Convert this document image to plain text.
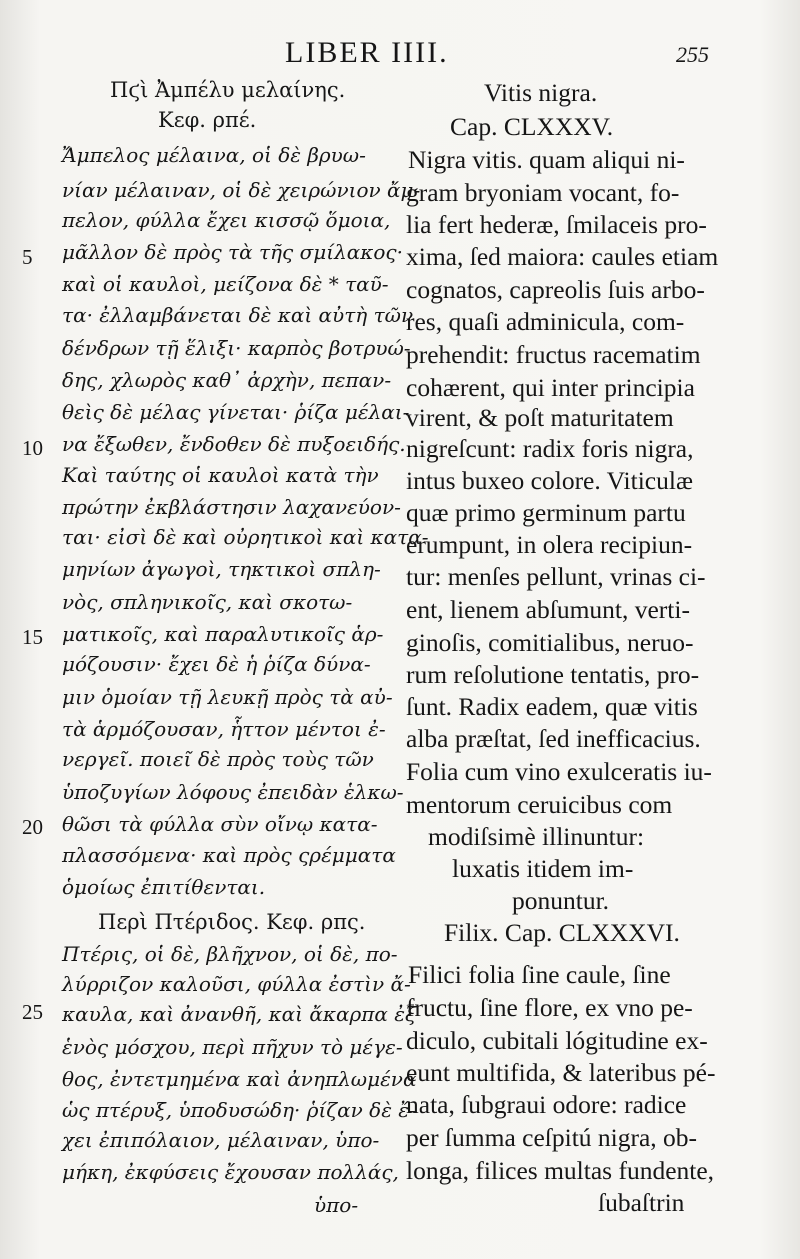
LIBER IIII.	255
Πϛὶ Ἀμπέλυ μελαίνης.
Κεφ. ρπέ.
Ἄμπελος μέλαινα, οἱ δὲ βρυω-
νίαν μέλαιναν, οἱ δὲ χειρώνιον ἄμ-
πελον, φύλλα ἔχει κισσῷ ὅμοια,
μᾶλλον δὲ πρὸς τὰ τῆς σμίλακος·
καὶ οἱ καυλοὶ, μείζονα δὲ * ταῦ-
τα· ἐλλαμβάνεται δὲ καὶ αὐτὴ τῶν
δένδρων τῇ ἕλιξι· καρπὸς βοτρυώ-
δης, χλωρὸς καθ᾽ ἀρχὴν, πεπαν-
θεὶς δὲ μέλας γίνεται· ῥίζα μέλαι-
να ἔξωθεν, ἔνδοθεν δὲ πυξοειδής.
Καὶ ταύτης οἱ καυλοὶ κατὰ τὴν
πρώτην ἐκβλάστησιν λαχανεύον-
ται· εἰσὶ δὲ καὶ οὐρητικοὶ καὶ κατα-
μηνίων ἀγωγοὶ, τηκτικοὶ σπλη-
νὸς, σπληνικοῖς, καὶ σκοτω-
ματικοῖς, καὶ παραλυτικοῖς ἁρ-
μόζουσιν· ἔχει δὲ ἡ ῥίζα δύνα-
μιν ὁμοίαν τῇ λευκῇ πρὸς τὰ αὐ-
τὰ ἁρμόζουσαν, ἧττον μέντοι ἐ-
νεργεῖ. ποιεῖ δὲ πρὸς τοὺς τῶν
ὑποζυγίων λόφους ἐπειδὰν ἑλκω-
θῶσι τὰ φύλλα σὺν οἴνῳ κατα-
πλασσόμενα· καὶ πρὸς ςρέμματα
ὁμοίως ἐπιτίθενται.
Περὶ Πτέριδος. Κεφ. ρπς.
Πτέρις, οἱ δὲ, βλῆχνον, οἱ δὲ, πο-
λύρριζον καλοῦσι, φύλλα ἐστὶν ἄ-
καυλα, καὶ ἀνανθῆ, καὶ ἄκαρπα ἐξ
ἑνὸς μόσχου, περὶ πῆχυν τὸ μέγε-
θος, ἐντετμημένα καὶ ἀνηπλωμένα
ὡς πτέρυξ, ὑποδυσώδη· ῥίζαν δὲ ἔ-
χει ἐπιπόλαιον, μέλαιναν, ὑπο-
μήκη, ἐκφύσεις ἔχουσαν πολλάς,
ὑπο-
5
10
15
20
25
Vitis nigra.
Cap. CLXXXV.
Nigra vitis. quam aliqui ni-
gram bryoniam vocant, fo-
lia fert hederæ, ſmilaceis pro-
xima, ſed maiora: caules etiam
cognatos, capreolis ſuis arbo-
res, quaſi adminicula, com-
prehendit: fructus racematim
cohærent, qui inter principia
virent, & poſt maturitatem
nigreſcunt: radix foris nigra,
intus buxeo colore. Viticulæ
quæ primo germinum partu
erumpunt, in olera recipiun-
tur: menſes pellunt, vrinas ci-
ent, lienem abſumunt, verti-
ginoſis, comitialibus, neruo-
rum reſolutione tentatis, pro-
ſunt. Radix eadem, quæ vitis
alba præſtat, ſed inefficacius.
Folia cum vino exulceratis iu-
mentorum ceruicibus com
modiſsimè illinuntur:
luxatis itidem im-
ponuntur.
Filix. Cap. CLXXXVI.
Filici folia ſine caule, ſine
fructu, ſine flore, ex vno pe-
diculo, cubitali lógitudine ex-
eunt multifida, & lateribus pé-
nata, ſubgraui odore: radice
per ſumma ceſpitú nigra, ob-
longa, filices multas fundente,
ſubaſtrin
